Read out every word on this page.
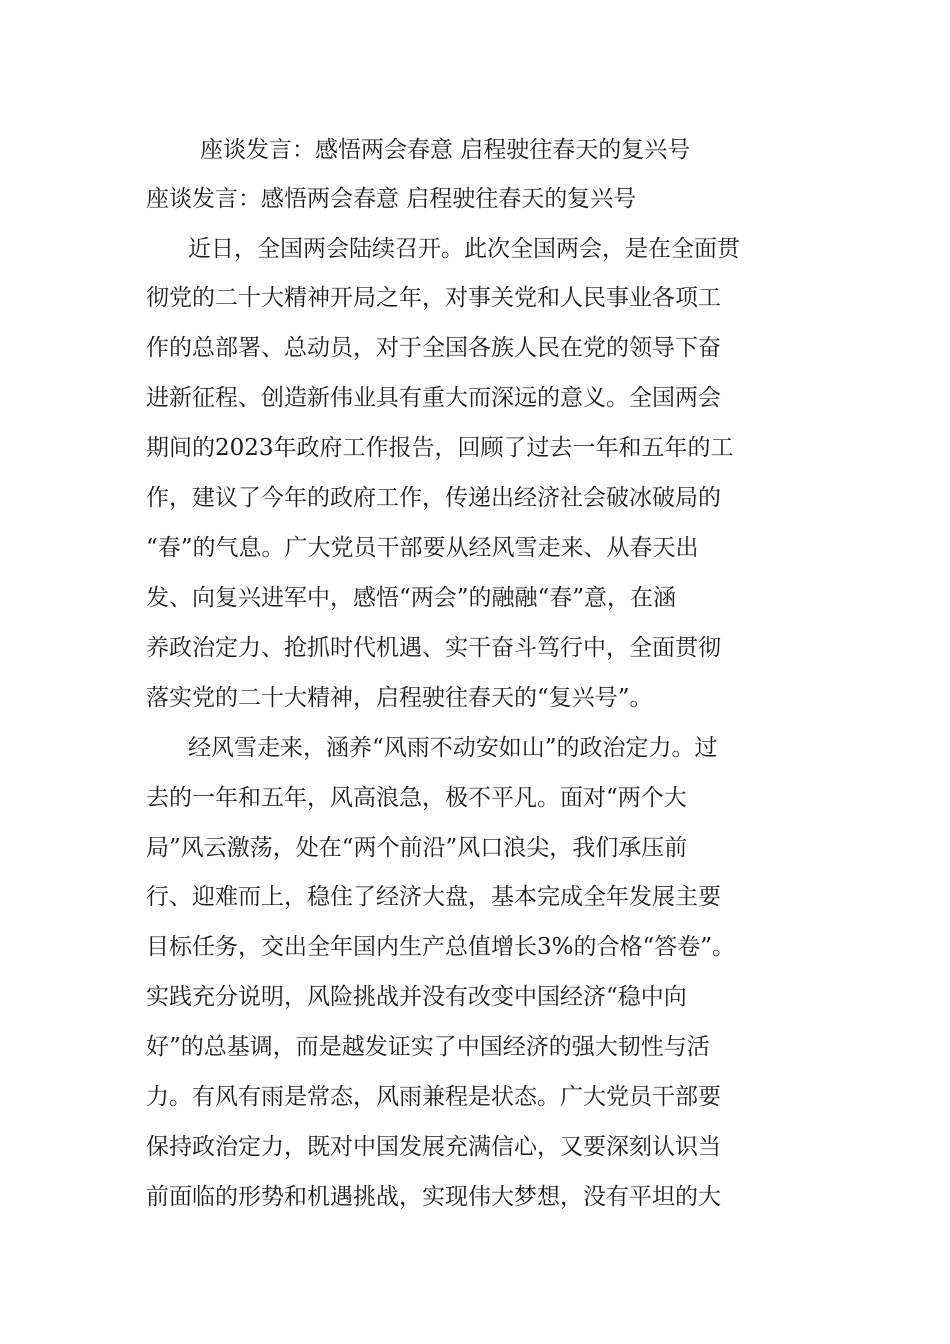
座谈发言：感悟两会春意 启程驶往春天的复兴号
座谈发言：感悟两会春意 启程驶往春天的复兴号

近日，全国两会陆续召开。此次全国两会，是在全面贯

彻党的二十大精神开局之年，对事关党和人民事业各项工

作的总部署、总动员，对于全国各族人民在党的领导下奋

进新征程、创造新伟业具有重大而深远的意义。全国两会

期间的2023年政府工作报告，回顾了过去一年和五年的工

作，建议了今年的政府工作，传递出经济社会破冰破局的

“春”的气息。广大党员干部要从经风雪走来、从春天出

发、向复兴进军中，感悟“两会”的融融“春”意，在涵

养政治定力、抢抓时代机遇、实干奋斗笃行中，全面贯彻

落实党的二十大精神，启程驶往春天的“复兴号”。

经风雪走来，涵养“风雨不动安如山”的政治定力。过

去的一年和五年，风高浪急，极不平凡。面对“两个大

局”风云激荡，处在“两个前沿”风口浪尖，我们承压前

行、迎难而上，稳住了经济大盘，基本完成全年发展主要

目标任务，交出全年国内生产总值增长3%的合格“答卷”。

实践充分说明，风险挑战并没有改变中国经济“稳中向

好”的总基调，而是越发证实了中国经济的强大韧性与活

力。有风有雨是常态，风雨兼程是状态。广大党员干部要

保持政治定力，既对中国发展充满信心，又要深刻认识当

前面临的形势和机遇挑战，实现伟大梦想，没有平坦的大
